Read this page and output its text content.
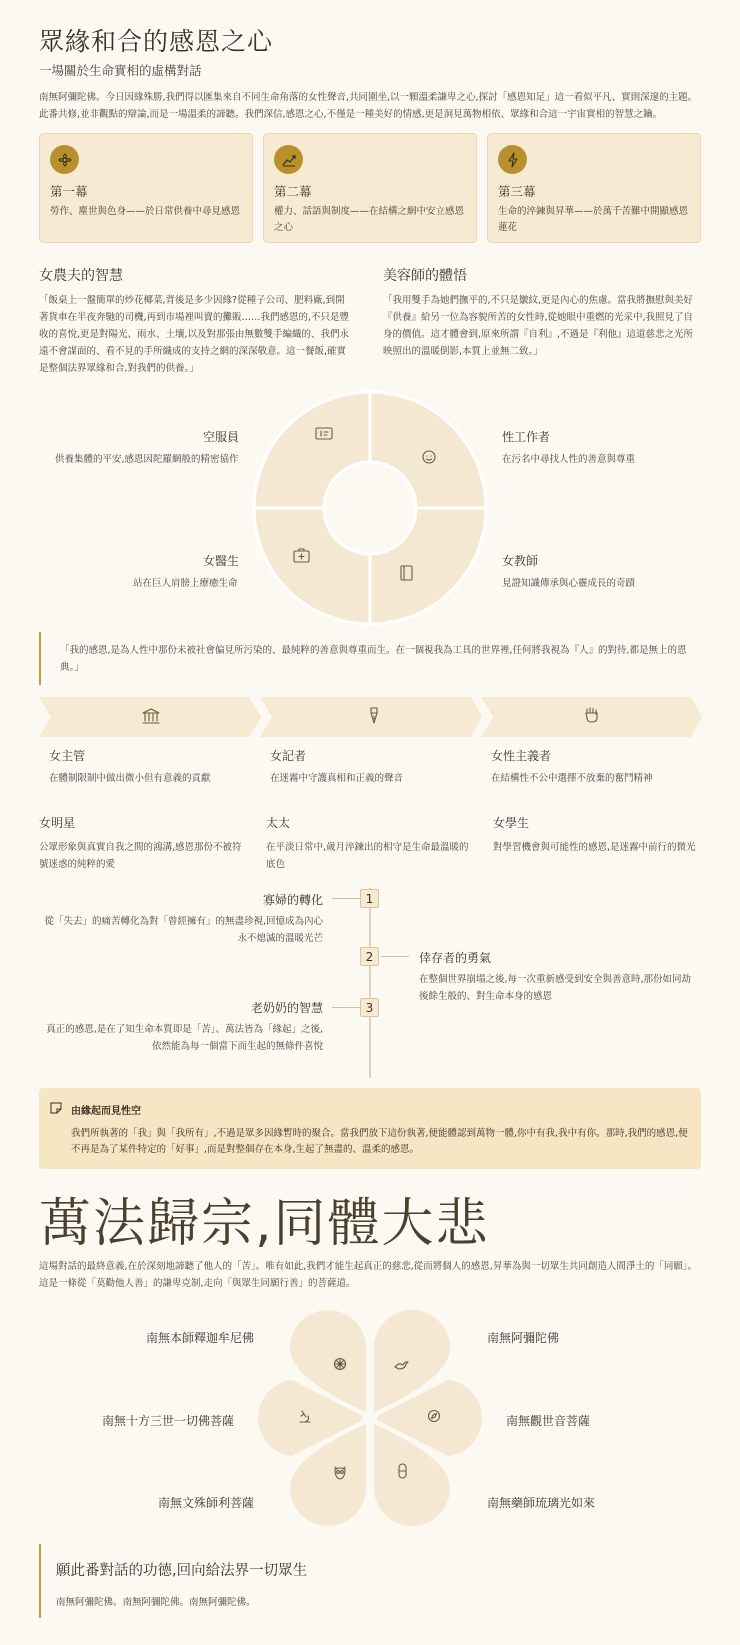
眾緣和合的感恩之心
一場關於生命實相的虛構對話
南無阿彌陀佛。今日因緣殊勝,我們得以匯集來自不同生命角落的女性聲音,共同圍坐,以一顆溫柔謙卑之心,探討「感恩知足」這一看似平凡、實則深邃的主題。此番共修,並非觀點的辯論,而是一場溫柔的諦聽。我們深信,感恩之心,不僅是一種美好的情感,更是洞見萬物相依、眾緣和合這一宇宙實相的智慧之鑰。
第一幕
勞作、塵世與色身——於日常供養中尋見感恩
第二幕
權力、話語與制度——在結構之網中安立感恩之心
第三幕
生命的淬鍊與昇華——於萬千苦難中開顯感恩蓮花
女農夫的智慧
「飯桌上一盤簡單的炒花椰菜,背後是多少因緣?從種子公司、肥料廠,到開著貨車在半夜奔馳的司機,再到市場裡叫賣的攤販……我們感恩的,不只是豐收的喜悅,更是對陽光、雨水、土壤,以及對那張由無數雙手編織的、我們永遠不會謀面的、看不見的手所織成的支持之網的深深敬意。這一餐飯,確實是整個法界眾緣和合,對我們的供養。」
美容師的體悟
「我用雙手為她們撫平的,不只是皺紋,更是內心的焦慮。當我將撫慰與美好『供養』給另一位為容貌所苦的女性時,從她眼中重燃的光采中,我照見了自身的價值。這才體會到,原來所謂『自利』,不過是『利他』這道慈悲之光所映照出的溫暖倒影,本質上並無二致。」
空服員
供養集體的平安,感恩因陀羅網般的精密協作
性工作者
在污名中尋找人性的善意與尊重
女醫生
站在巨人肩膀上療癒生命
女教師
見證知識傳承與心靈成長的奇蹟
「我的感恩,是為人性中那份未被社會偏見所污染的、最純粹的善意與尊重而生。在一個視我為工具的世界裡,任何將我視為『人』的對待,都是無上的恩典。」
女主管
在體制限制中做出微小但有意義的貢獻
女記者
在迷霧中守護真相和正義的聲音
女性主義者
在結構性不公中選擇不放棄的奮鬥精神
女明星
公眾形象與真實自我之間的鴻溝,感恩那份不被符號迷惑的純粹的愛
太太
在平淡日常中,歲月淬鍊出的相守是生命最溫暖的底色
女學生
對學習機會與可能性的感恩,是迷霧中前行的微光
1
2
3
寡婦的轉化
從「失去」的痛苦轉化為對「曾經擁有」的無盡珍視,回憶成為內心永不熄滅的溫暖光芒
倖存者的勇氣
在整個世界崩塌之後,每一次重新感受到安全與善意時,那份如同劫後餘生般的、對生命本身的感恩
老奶奶的智慧
真正的感恩,是在了知生命本質即是「苦」、萬法皆為「緣起」之後,依然能為每一個當下而生起的無條件喜悅
由緣起而見性空
我們所執著的「我」與「我所有」,不過是眾多因緣暫時的聚合。當我們放下這份執著,便能體認到萬物一體,你中有我,我中有你。那時,我們的感恩,便不再是為了某件特定的「好事」,而是對整個存在本身,生起了無盡的、溫柔的感恩。
萬法歸宗,同體大悲
這場對話的最終意義,在於深刻地諦聽了他人的「苦」。唯有如此,我們才能生起真正的慈悲,從而將個人的感恩,昇華為與一切眾生共同創造人間淨土的「同願」。這是一條從「莫勸他人善」的謙卑克制,走向「與眾生同願行善」的菩薩道。
南無本師釋迦牟尼佛	南無阿彌陀佛
南無十方三世一切佛菩薩	南無觀世音菩薩
南無文殊師利菩薩	南無藥師琉璃光如來
願此番對話的功德,回向給法界一切眾生
南無阿彌陀佛。南無阿彌陀佛。南無阿彌陀佛。
